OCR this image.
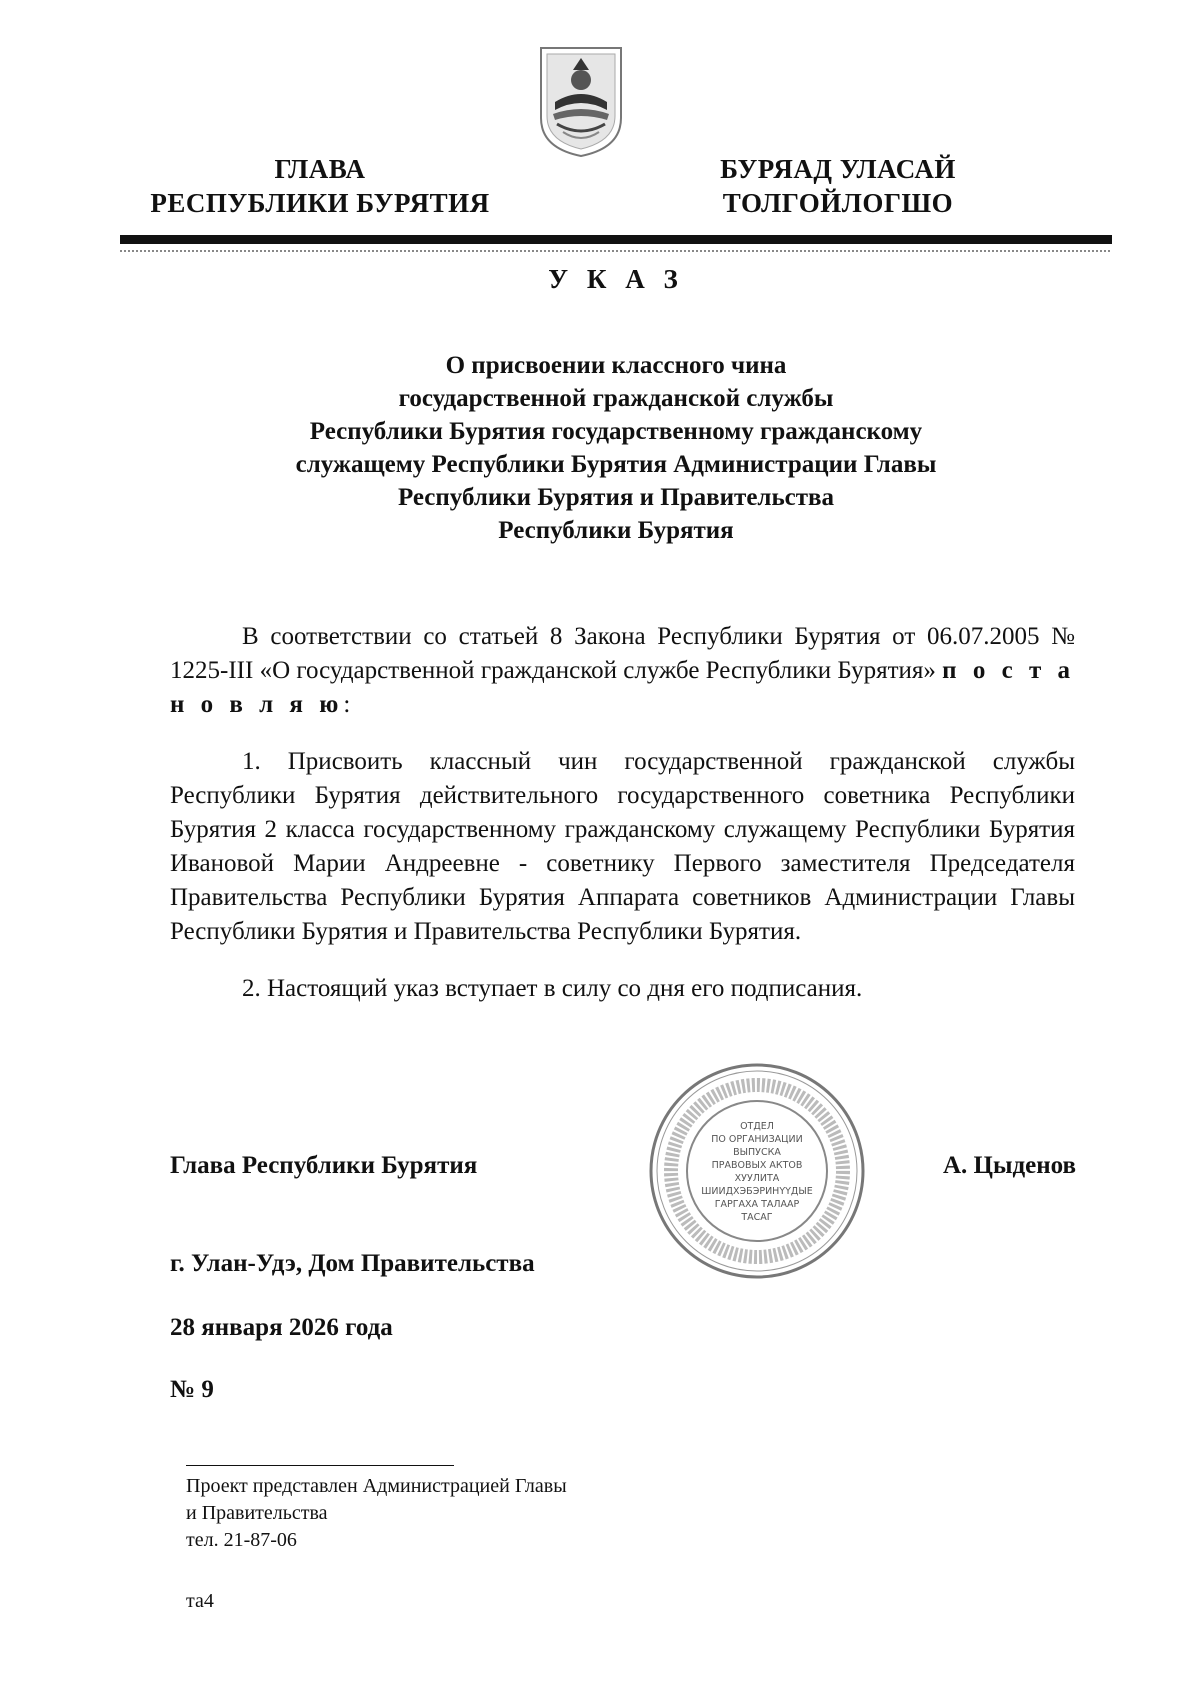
ГЛАВА
РЕСПУБЛИКИ БУРЯТИЯ
БУРЯАД УЛАСАЙ
ТОЛГОЙЛОГШО
У К А З
О присвоении классного чина
государственной гражданской службы
Республики Бурятия государственному гражданскому
служащему Республики Бурятия Администрации Главы
Республики Бурятия и Правительства
Республики Бурятия

В соответствии со статьей 8 Закона Республики Бурятия от 06.07.2005 № 1225-III «О государственной гражданской службе Республики Бурятия» п о с т а н о в л я ю:

1. Присвоить классный чин государственной гражданской службы Республики Бурятия действительного государственного советника Республики Бурятия 2 класса государственному гражданскому служащему Республики Бурятия Ивановой Марии Андреевне - советнику Первого заместителя Председателя Правительства Республики Бурятия Аппарата советников Администрации Главы Республики Бурятия и Правительства Республики Бурятия.

2. Настоящий указ вступает в силу со дня его подписания.

ОТДЕЛ
ПО ОРГАНИЗАЦИИ
ВЫПУСКА
ПРАВОВЫХ АКТОВ
ХУУЛИТА
ШИИДХЭБЭРИНҮҮДЫЕ
ГАРГАХА ТАЛААР
ТАСАГ
Глава Республики Бурятия	А. Цыденов
г. Улан-Удэ, Дом Правительства
28 января 2026 года
№ 9
Проект представлен Администрацией Главы
и Правительства
тел. 21-87-06
та4
